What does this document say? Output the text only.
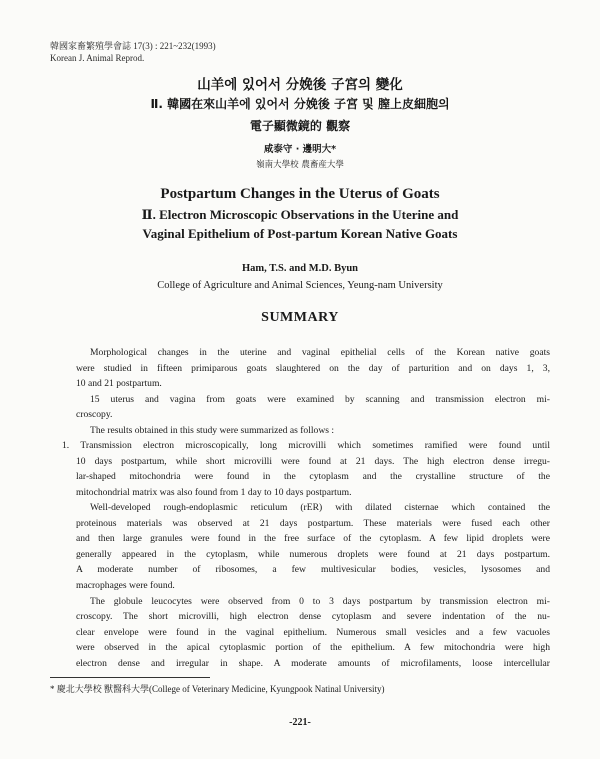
韓國家畜繁殖學會誌 17(3) : 221~232(1993)
Korean J. Animal Reprod.
山羊에 있어서 分娩後 子宮의 變化
Ⅱ. 韓國在來山羊에 있어서 分娩後 子宮 및 膣上皮細胞의
電子顯微鏡的 觀察
咸泰守 · 邊明大*
嶺南大學校 農畜産大學
Postpartum Changes in the Uterus of Goats
Ⅱ. Electron Microscopic Observations in the Uterine and
Vaginal Epithelium of Post-partum Korean Native Goats
Ham, T.S. and M.D. Byun
College of Agriculture and Animal Sciences, Yeung-nam University
SUMMARY
Morphological changes in the uterine and vaginal epithelial cells of the Korean native goats
were studied in fifteen primiparous goats slaughtered on the day of parturition and on days 1, 3,
10 and 21 postpartum.
15 uterus and vagina from goats were examined by scanning and transmission electron mi-
croscopy.
The results obtained in this study were summarized as follows :
1. Transmission electron microscopically, long microvilli which sometimes ramified were found until
10 days postpartum, while short microvilli were found at 21 days. The high electron dense irregu-
lar-shaped mitochondria were found in the cytoplasm and the crystalline structure of the
mitochondrial matrix was also found from 1 day to 10 days postpartum.
Well-developed rough-endoplasmic reticulum (rER) with dilated cisternae which contained the
proteinous materials was observed at 21 days postpartum. These materials were fused each other
and then large granules were found in the free surface of the cytoplasm. A few lipid droplets were
generally appeared in the cytoplasm, while numerous droplets were found at 21 days postpartum.
A moderate number of ribosomes, a few multivesicular bodies, vesicles, lysosomes and
macrophages were found.
The globule leucocytes were observed from 0 to 3 days postpartum by transmission electron mi-
croscopy. The short microvilli, high electron dense cytoplasm and severe indentation of the nu-
clear envelope were found in the vaginal epithelium. Numerous small vesicles and a few vacuoles
were observed in the apical cytoplasmic portion of the epithelium. A few mitochondria were high
electron dense and irregular in shape. A moderate amounts of microfilaments, loose intercellular
* 慶北大學校 獸醫科大學(College of Veterinary Medicine, Kyungpook Natinal University)
-221-
